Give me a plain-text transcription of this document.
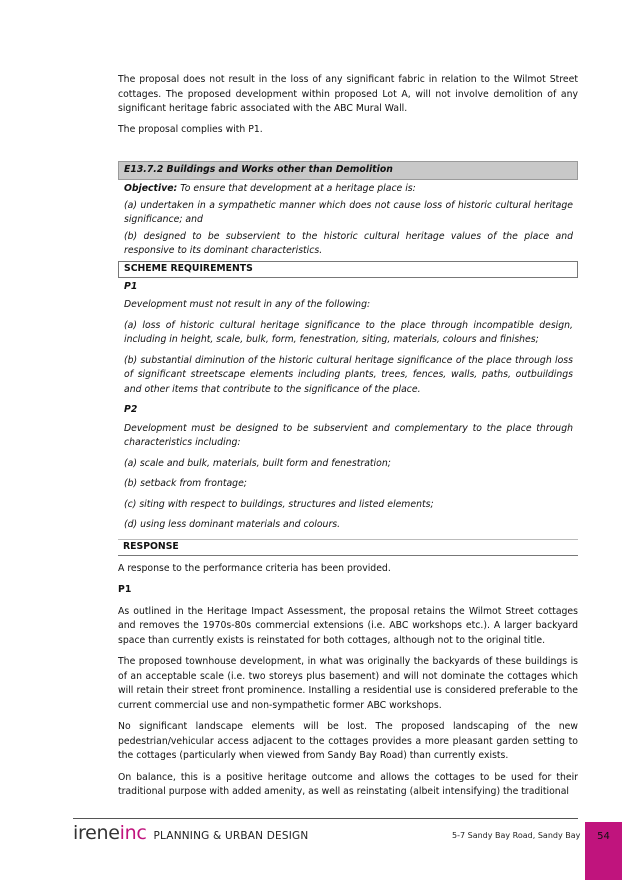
The proposal does not result in the loss of any significant fabric in relation to the Wilmot Street cottages. The proposed development within proposed Lot A, will not involve demolition of any significant heritage fabric associated with the ABC Mural Wall.

The proposal complies with P1.

E13.7.2 Buildings and Works other than Demolition

Objective: To ensure that development at a heritage place is:

(a) undertaken in a sympathetic manner which does not cause loss of historic cultural heritage significance; and

(b) designed to be subservient to the historic cultural heritage values of the place and responsive to its dominant characteristics.

SCHEME REQUIREMENTS

P1

Development must not result in any of the following:

(a) loss of historic cultural heritage significance to the place through incompatible design, including in height, scale, bulk, form, fenestration, siting, materials, colours and finishes;

(b) substantial diminution of the historic cultural heritage significance of the place through loss of significant streetscape elements including plants, trees, fences, walls, paths, outbuildings and other items that contribute to the significance of the place.

P2

Development must be designed to be subservient and complementary to the place through characteristics including:

(a) scale and bulk, materials, built form and fenestration;

(b) setback from frontage;

(c) siting with respect to buildings, structures and listed elements;

(d) using less dominant materials and colours.

RESPONSE

A response to the performance criteria has been provided.

P1

As outlined in the Heritage Impact Assessment, the proposal retains the Wilmot Street cottages and removes the 1970s-80s commercial extensions (i.e. ABC workshops etc.). A larger backyard space than currently exists is reinstated for both cottages, although not to the original title.

The proposed townhouse development, in what was originally the backyards of these buildings is of an acceptable scale (i.e. two storeys plus basement) and will not dominate the cottages which will retain their street front prominence. Installing a residential use is considered preferable to the current commercial use and non-sympathetic former ABC workshops.

No significant landscape elements will be lost. The proposed landscaping of the new pedestrian/vehicular access adjacent to the cottages provides a more pleasant garden setting to the cottages (particularly when viewed from Sandy Bay Road) than currently exists.

On balance, this is a positive heritage outcome and allows the cottages to be used for their traditional purpose with added amenity, as well as reinstating (albeit intensifying) the traditional

irene inc PLANNING & URBAN DESIGN	5-7 Sandy Bay Road, Sandy Bay	54
